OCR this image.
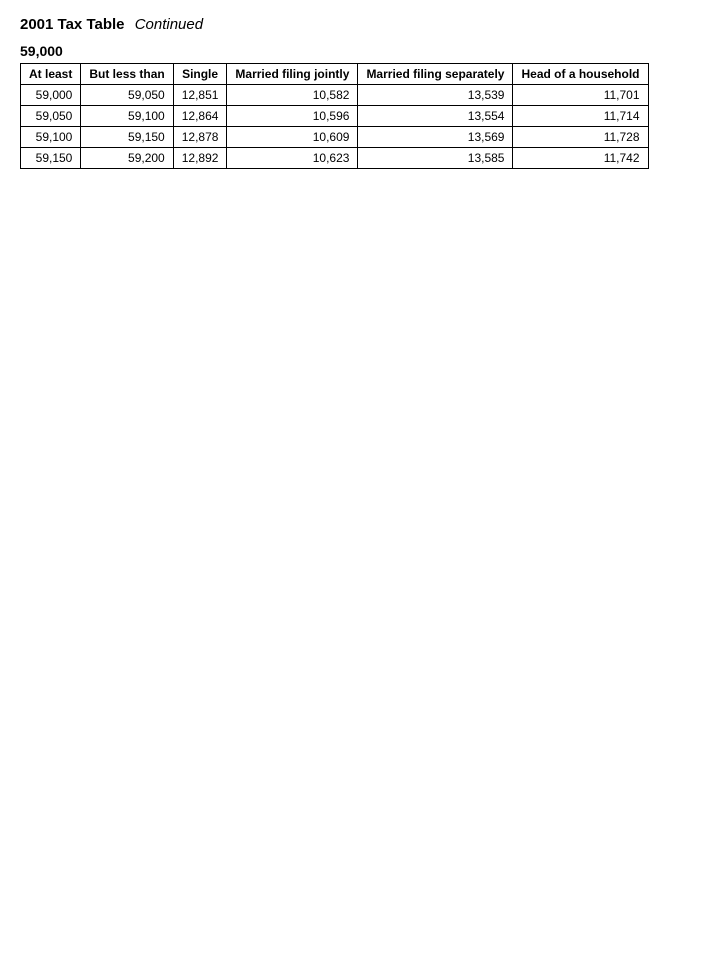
2001 Tax Table Continued
59,000
At least	But less than	Single	Married filing jointly	Married filing separately	Head of a household
59,000	59,050	12,851	10,582	13,539	11,701
59,050	59,100	12,864	10,596	13,554	11,714
59,100	59,150	12,878	10,609	13,569	11,728
59,150	59,200	12,892	10,623	13,585	11,742
